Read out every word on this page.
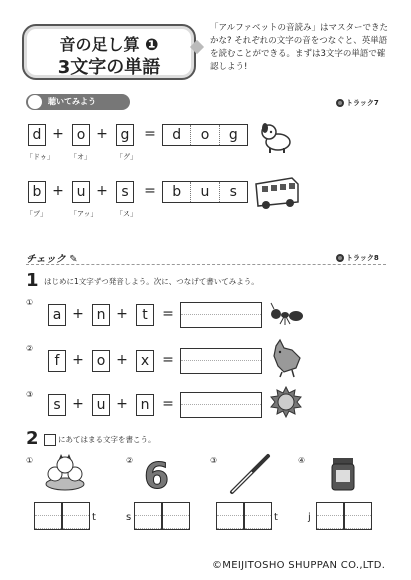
音の足し算 ❶
3文字の単語
「アルファベットの音読み」はマスターできたかな? それぞれの文字の音をつなぐと、英単語を読むことができる。まずは3文字の単語で確認しよう!
聴いてみよう	トラック7
d + o + g	=	d	o	g
「ドゥ」 「オ」	「グ」
b + u + s	=	b	u	s
「ブ」	「アッ」	「ス」
チェック ✎	トラック8
1 はじめに1文字ずつ発音しよう。次に、つなげて書いてみよう。
①
a + n +	t	=
②
f + o + x =
③
s + u + n =
2	にあてはまる文字を書こう。
①	② 6	③	④
t	s	t	j
©MEIJITOSHO SHUPPAN CO.,LTD.
